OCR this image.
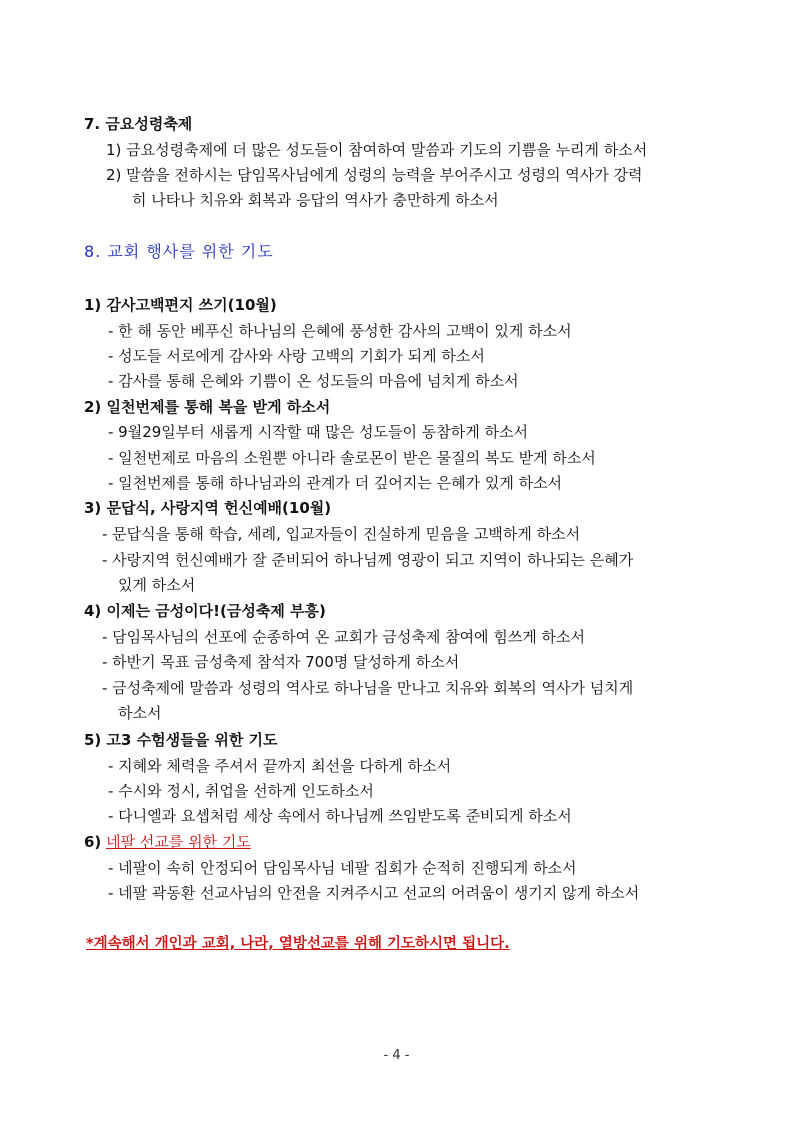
7. 금요성령축제
1) 금요성령축제에 더 많은 성도들이 참여하여 말씀과 기도의 기쁨을 누리게 하소서
2) 말씀을 전하시는 담임목사님에게 성령의 능력을 부어주시고 성령의 역사가 강력
히 나타나 치유와 회복과 응답의 역사가 충만하게 하소서
8. 교회 행사를 위한 기도
1) 감사고백편지 쓰기(10월)
- 한 해 동안 베푸신 하나님의 은혜에 풍성한 감사의 고백이 있게 하소서
- 성도들 서로에게 감사와 사랑 고백의 기회가 되게 하소서
- 감사를 통해 은혜와 기쁨이 온 성도들의 마음에 넘치게 하소서
2) 일천번제를 통해 복을 받게 하소서
- 9월29일부터 새롭게 시작할 때 많은 성도들이 동참하게 하소서
- 일천번제로 마음의 소원뿐 아니라 솔로몬이 받은 물질의 복도 받게 하소서
- 일천번제를 통해 하나님과의 관계가 더 깊어지는 은혜가 있게 하소서
3) 문답식, 사랑지역 헌신예배(10월)
- 문답식을 통해 학습, 세례, 입교자들이 진실하게 믿음을 고백하게 하소서
- 사랑지역 헌신예배가 잘 준비되어 하나님께 영광이 되고 지역이 하나되는 은혜가
있게 하소서
4) 이제는 금성이다!(금성축제 부흥)
- 담임목사님의 선포에 순종하여 온 교회가 금성축제 참여에 힘쓰게 하소서
- 하반기 목표 금성축제 참석자 700명 달성하게 하소서
- 금성축제에 말씀과 성령의 역사로 하나님을 만나고 치유와 회복의 역사가 넘치게
하소서
5) 고3 수험생들을 위한 기도
- 지혜와 체력을 주셔서 끝까지 최선을 다하게 하소서
- 수시와 정시, 취업을 선하게 인도하소서
- 다니엘과 요셉처럼 세상 속에서 하나님께 쓰임받도록 준비되게 하소서
6) 네팔 선교를 위한 기도
- 네팔이 속히 안정되어 담임목사님 네팔 집회가 순적히 진행되게 하소서
- 네팔 곽동환 선교사님의 안전을 지켜주시고 선교의 어려움이 생기지 않게 하소서
*계속해서 개인과 교회, 나라, 열방선교를 위해 기도하시면 됩니다.
- 4 -
